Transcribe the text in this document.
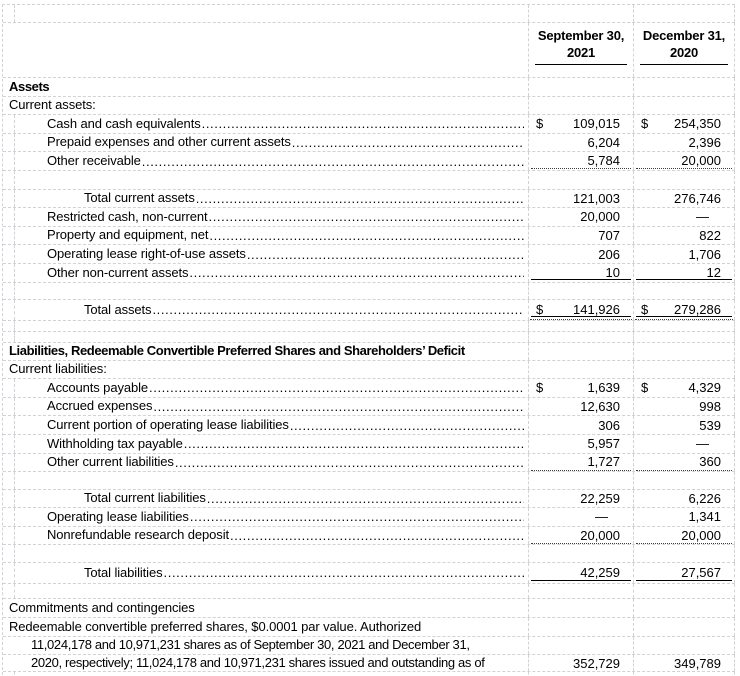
September 30,
2021
December 31,
2020
Assets
Current assets:
Cash and cash equivalents .....	$ 109,015 $ 254,350
Prepaid expenses and other current assets .....	6,204	2,396
Other receivable .....	5,784	20,000
Total current assets .....	121,003	276,746
Restricted cash, non-current .....	20,000	—
Property and equipment, net .....	707	822
Operating lease right-of-use assets .....	206	1,706
Other non-current assets .....	10	12
Total assets .....	$ 141,926 $ 279,286
Liabilities, Redeemable Convertible Preferred Shares and Shareholders’ Deficit
Current liabilities:
Accounts payable .....	$	1,639 $	4,329
Accrued expenses .....	12,630	998
Current portion of operating lease liabilities .....	306	539
Withholding tax payable .....	5,957	—
Other current liabilities .....	1,727	360
Total current liabilities .....	22,259	6,226
Operating lease liabilities .....	—	1,341
Nonrefundable research deposit .....	20,000	20,000
Total liabilities .....	42,259	27,567
Commitments and contingencies
Redeemable convertible preferred shares, $0.0001 par value. Authorized
11,024,178 and 10,971,231 shares as of September 30, 2021 and December 31,
2020, respectively; 11,024,178 and 10,971,231 shares issued and outstanding as of	352,729	349,789
